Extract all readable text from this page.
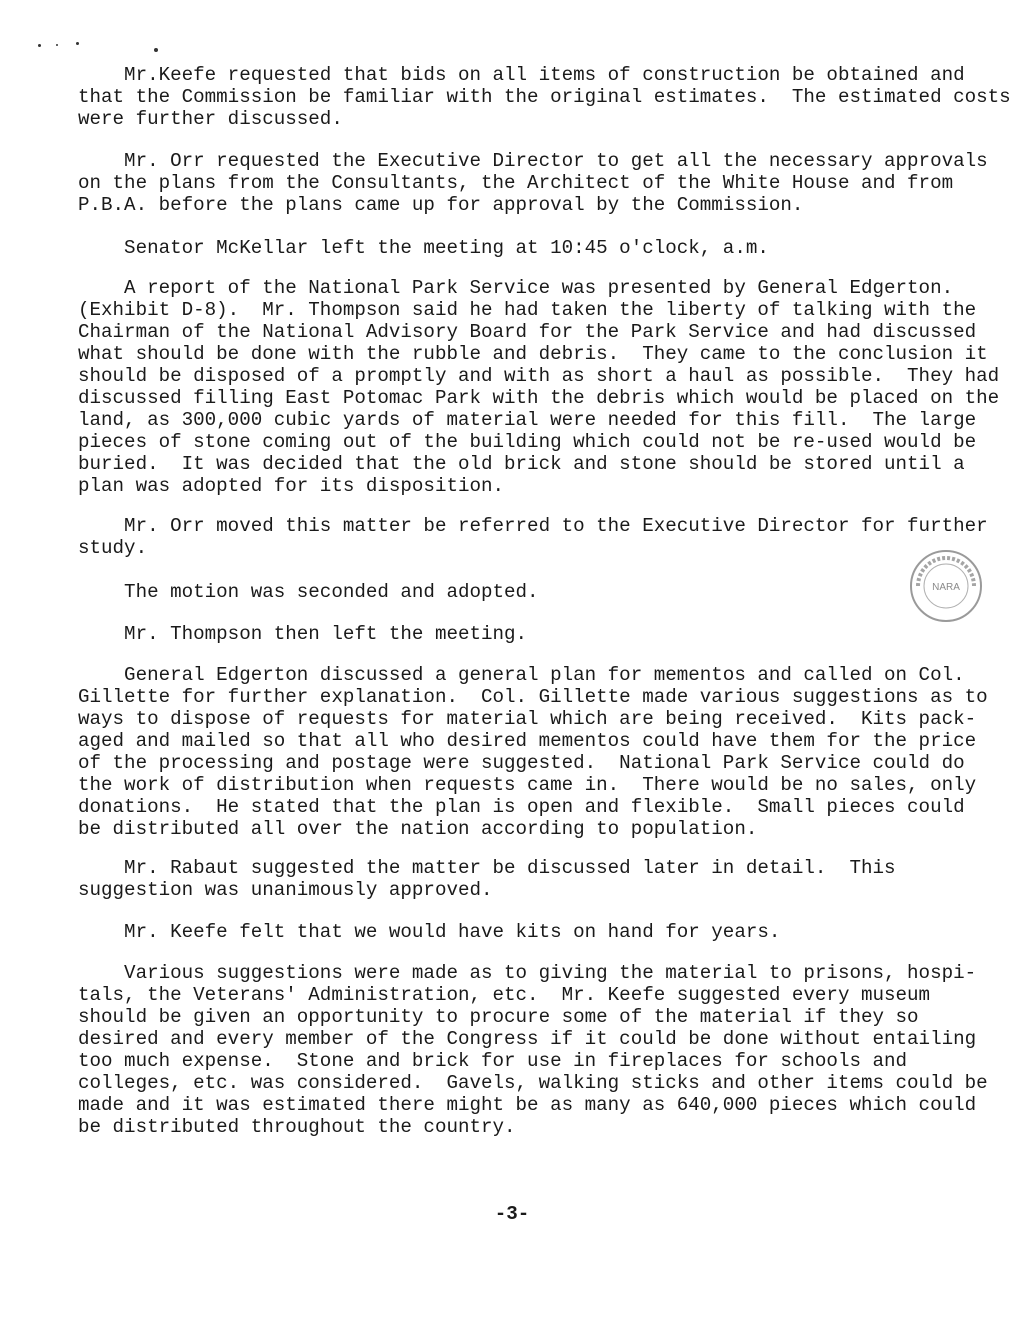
Mr.Keefe requested that bids on all items of construction be obtained and
that the Commission be familiar with the original estimates.  The estimated costs
were further discussed.

Mr. Orr requested the Executive Director to get all the necessary approvals
on the plans from the Consultants, the Architect of the White House and from
P.B.A. before the plans came up for approval by the Commission.

Senator McKellar left the meeting at 10:45 o'clock, a.m.

A report of the National Park Service was presented by General Edgerton.
(Exhibit D-8).  Mr. Thompson said he had taken the liberty of talking with the
Chairman of the National Advisory Board for the Park Service and had discussed
what should be done with the rubble and debris.  They came to the conclusion it
should be disposed of a promptly and with as short a haul as possible.  They had
discussed filling East Potomac Park with the debris which would be placed on the
land, as 300,000 cubic yards of material were needed for this fill.  The large
pieces of stone coming out of the building which could not be re-used would be
buried.  It was decided that the old brick and stone should be stored until a
plan was adopted for its disposition.

Mr. Orr moved this matter be referred to the Executive Director for further
study.

The motion was seconded and adopted.

Mr. Thompson then left the meeting.

General Edgerton discussed a general plan for mementos and called on Col.
Gillette for further explanation.  Col. Gillette made various suggestions as to
ways to dispose of requests for material which are being received.  Kits pack-
aged and mailed so that all who desired mementos could have them for the price
of the processing and postage were suggested.  National Park Service could do
the work of distribution when requests came in.  There would be no sales, only
donations.  He stated that the plan is open and flexible.  Small pieces could
be distributed all over the nation according to population.

Mr. Rabaut suggested the matter be discussed later in detail.  This
suggestion was unanimously approved.

Mr. Keefe felt that we would have kits on hand for years.

Various suggestions were made as to giving the material to prisons, hospi-
tals, the Veterans' Administration, etc.  Mr. Keefe suggested every museum
should be given an opportunity to procure some of the material if they so
desired and every member of the Congress if it could be done without entailing
too much expense.  Stone and brick for use in fireplaces for schools and
colleges, etc. was considered.  Gavels, walking sticks and other items could be
made and it was estimated there might be as many as 640,000 pieces which could
be distributed throughout the country.

NARA
-3-
